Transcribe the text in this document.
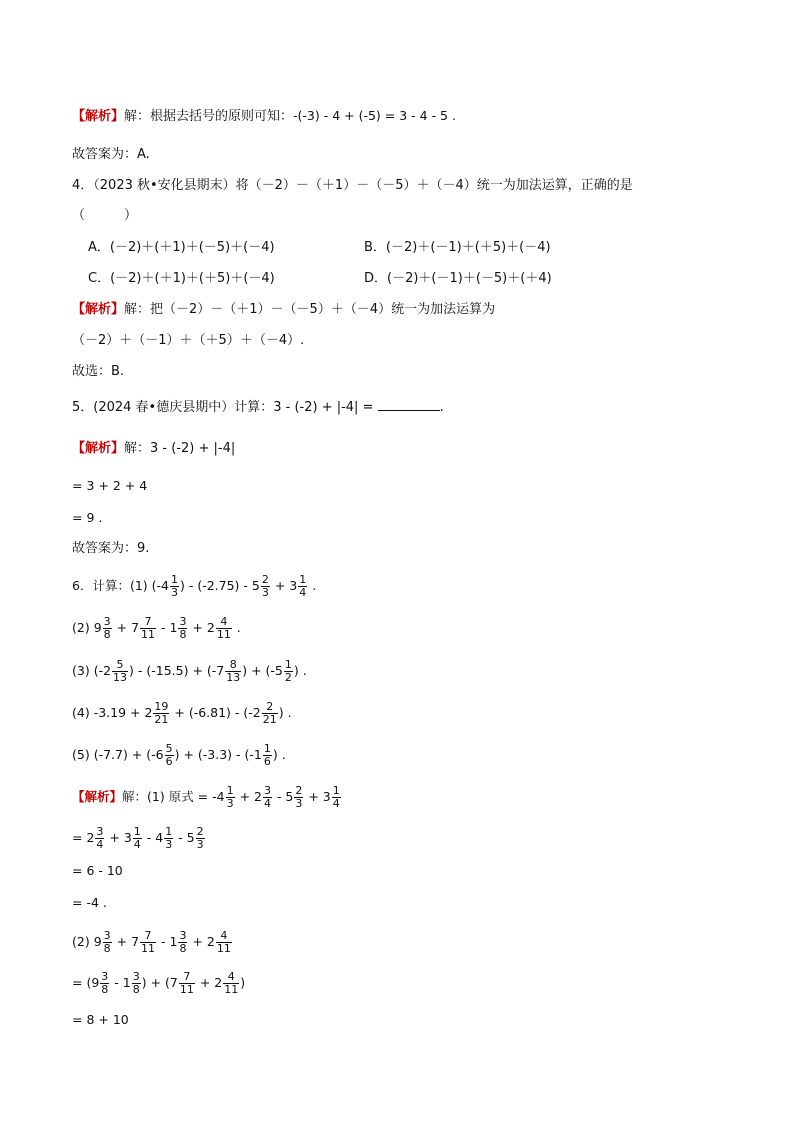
【解析】解：根据去括号的原则可知：-(-3) - 4 + (-5) = 3 - 4 - 5 .
故答案为：A.
4．（2023 秋•安化县期末）将（－2）－（＋1）－（－5）＋（－4）统一为加法运算，正确的是
（　　　）
A．(－2)＋(＋1)＋(－5)＋(－4)	B．(－2)＋(－1)＋(＋5)＋(－4)
C．(－2)＋(＋1)＋(＋5)＋(－4)	D．(－2)＋(－1)＋(－5)＋(＋4)
【解析】解：把（－2）－（＋1）－（－5）＋（－4）统一为加法运算为
（－2）＋（－1）＋（＋5）＋（－4）.
故选：B.
5．(2024 春•德庆县期中）计算：3 - (-2) + |-4| =	.
【解析】解：3 - (-2) + |-4|
= 3 + 2 + 4
= 9 .
故答案为：9.
6．计算：(1) ($-4 \frac{1}{3}$ ) - $(-2.75) - 5 \frac{2}{3} + 3 \frac{1}{4}$ .
(2) $9 \frac{3}{8} + 7 \frac{7}{11} - 1 \frac{3}{8} + 2 \frac{4}{11}$ .
(3) ($-2 \frac{5}{13}$ ) - $(-15.5) + (-7 \frac{8}{13}$ ) + ($-5 \frac{1}{2}$ ) .
(4) $-3.19 + 2 \frac{19}{21} + (-6.81) - (-2 \frac{2}{21}$ ) .
(5) $(-7.7) + (-6 \frac{5}{6}$ ) + $(-3.3) - (-1 \frac{1}{6}$ ) .
【解析】解：(1) 原式 = $-4 \frac{1}{3} + 2 \frac{3}{4} - 5 \frac{2}{3} + 3 \frac{1}{4}$
= $2 \frac{3}{4} + 3 \frac{1}{4} - 4 \frac{1}{3} - 5 \frac{2}{3}$
= 6 - 10
= -4 .
(2) $9 \frac{3}{8} + 7 \frac{7}{11} - 1 \frac{3}{8} + 2 \frac{4}{11}$
= ($9 \frac{3}{8} - 1 \frac{3}{8}$ ) + ($7 \frac{7}{11} + 2 \frac{4}{11}$ )
= 8 + 10
